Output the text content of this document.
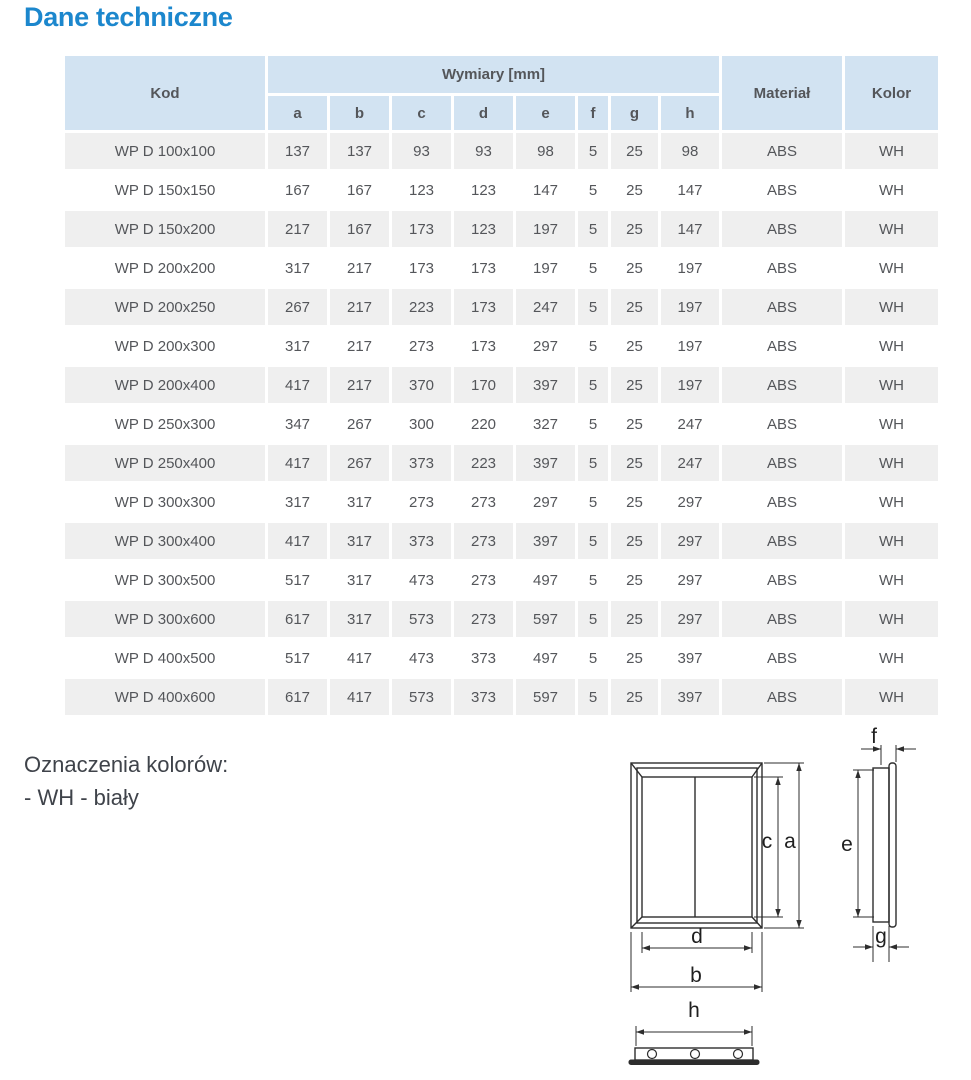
Dane techniczne
Kod	Wymiary [mm]								Materiał	Kolor
	a	b	c	d	e	f	g	h		
WP D 100x100	137	137	93	93	98	5	25	98	ABS	WH
WP D 150x150	167	167	123	123	147	5	25	147	ABS	WH
WP D 150x200	217	167	173	123	197	5	25	147	ABS	WH
WP D 200x200	317	217	173	173	197	5	25	197	ABS	WH
WP D 200x250	267	217	223	173	247	5	25	197	ABS	WH
WP D 200x300	317	217	273	173	297	5	25	197	ABS	WH
WP D 200x400	417	217	370	170	397	5	25	197	ABS	WH
WP D 250x300	347	267	300	220	327	5	25	247	ABS	WH
WP D 250x400	417	267	373	223	397	5	25	247	ABS	WH
WP D 300x300	317	317	273	273	297	5	25	297	ABS	WH
WP D 300x400	417	317	373	273	397	5	25	297	ABS	WH
WP D 300x500	517	317	473	273	497	5	25	297	ABS	WH
WP D 300x600	617	317	573	273	597	5	25	297	ABS	WH
WP D 400x500	517	417	473	373	497	5	25	397	ABS	WH
WP D 400x600	617	417	573	373	597	5	25	397	ABS	WH
Oznaczenia kolorów:
- WH - biały
c a
d
b
e
f
g
h
